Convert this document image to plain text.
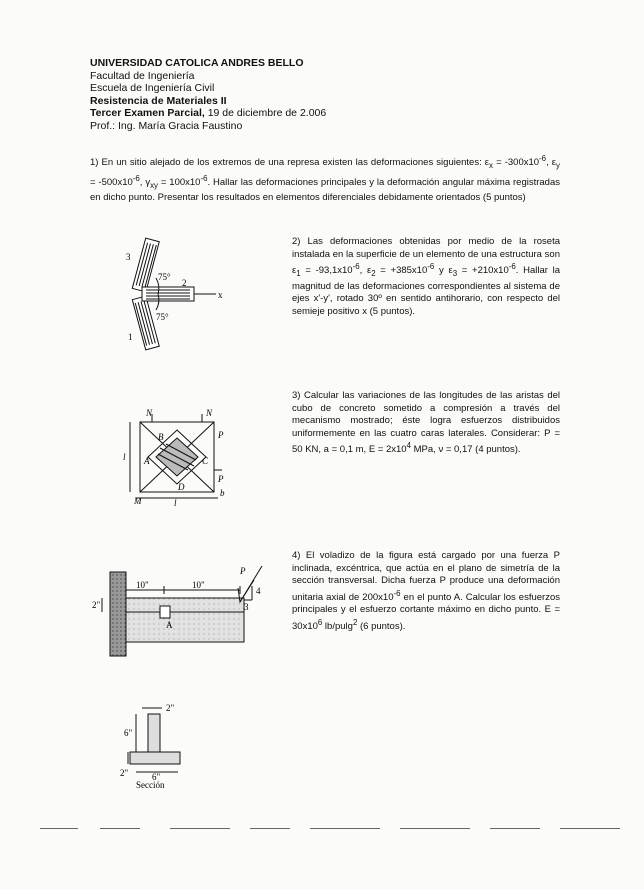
UNIVERSIDAD CATOLICA ANDRES BELLO
Facultad de Ingeniería
Escuela de Ingeniería Civil
Resistencia de Materiales II
Tercer Examen Parcial, 19 de diciembre de 2.006
Prof.: Ing. María Gracia Faustino
1) En un sitio alejado de los extremos de una represa existen las deformaciones siguientes: $\varepsilon_x = -300x10^{-6}$, $\varepsilon_y = -500x10^{-6}$, $\gamma_{xy} = 100x10^{-6}$. Hallar las deformaciones principales y la deformación angular máxima registradas en dicho punto. Presentar los resultados en elementos diferenciales debidamente orientados (5 puntos)
3
2
1
75°
75°
x
2) Las deformaciones obtenidas por medio de la roseta instalada en la superficie de un elemento de una estructura son $\varepsilon_1 = -93,1x10^{-6}$, $\varepsilon_2 = +385x10^{-6}$ y $\varepsilon_3 = +210x10^{-6}$. Hallar la magnitud de las deformaciones correspondientes al sistema de ejes x'-y', rotado 30º en sentido antihorario, con respecto del semieje positivo x (5 puntos).
N	N
M
P
P
B
C
D
A
l
l
b
3) Calcular las variaciones de las longitudes de las aristas del cubo de concreto sometido a compresión a través del mecanismo mostrado; éste logra esfuerzos distribuidos uniformemente en las cuatro caras laterales. Considerar: P = 50 KN, a = 0,1 m, $E = 2x10^4$ MPa, ν = 0,17 (4 puntos).
10"	10"
2"
P
4
3
A
2"
6"
6"
2"
Sección
4) El voladizo de la figura está cargado por una fuerza P inclinada, excéntrica, que actúa en el plano de simetría de la sección transversal. Dicha fuerza P produce una deformación unitaria axial de $200x10^{-6}$ en el punto A. Calcular los esfuerzos principales y el esfuerzo cortante máximo en dicho punto. $E = 30x10^6$ lb/pulg$^2$ (6 puntos).
